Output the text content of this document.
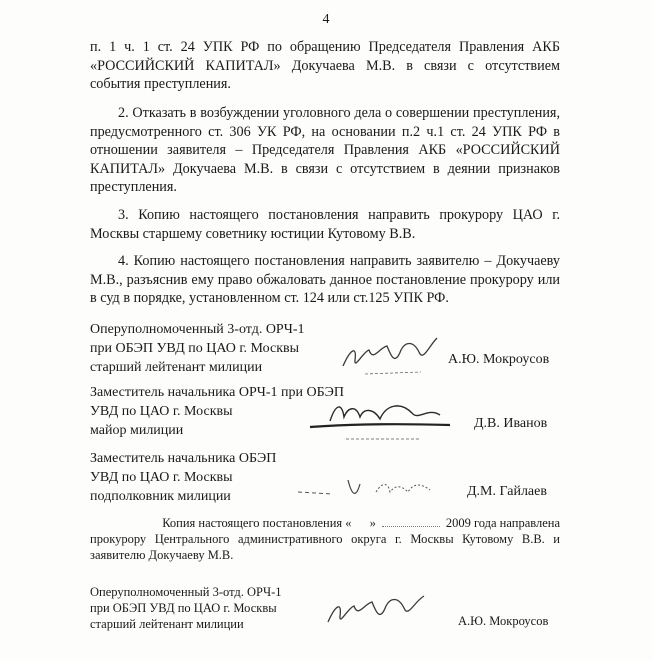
4
п. 1 ч. 1 ст. 24 УПК РФ по обращению Председателя Правления АКБ «РОССИЙСКИЙ КАПИТАЛ» Докучаева М.В. в связи с отсутствием события преступления.
2. Отказать в возбуждении уголовного дела о совершении преступления, предусмотренного ст. 306 УК РФ, на основании п.2 ч.1 ст. 24 УПК РФ в отношении заявителя – Председателя Правления АКБ «РОССИЙСКИЙ КАПИТАЛ» Докучаева М.В. в связи с отсутствием в деянии признаков преступления.
3. Копию настоящего постановления направить прокурору ЦАО г. Москвы старшему советнику юстиции Кутовому В.В.
4. Копию настоящего постановления направить заявителю – Докучаеву М.В., разъяснив ему право обжаловать данное постановление прокурору или в суд в порядке, установленном ст. 124 или ст.125 УПК РФ.
Оперуполномоченный 3-отд. ОРЧ-1
при ОБЭП УВД по ЦАО г. Москвы
старший лейтенант милиции
А.Ю. Мокроусов
Заместитель начальника ОРЧ-1 при ОБЭП
УВД по ЦАО г. Москвы
майор милиции	Д.В. Иванов
Заместитель начальника ОБЭП
УВД по ЦАО г. Москвы
подполковник милиции	Д.М. Гайлаев
Копия настоящего постановления « »	2009 года направлена
прокурору Центрального административного округа г. Москвы Кутовому В.В. и заявителю Докучаеву М.В.
Оперуполномоченный 3-отд. ОРЧ-1
при ОБЭП УВД по ЦАО г. Москвы
старший лейтенант милиции	А.Ю. Мокроусов
